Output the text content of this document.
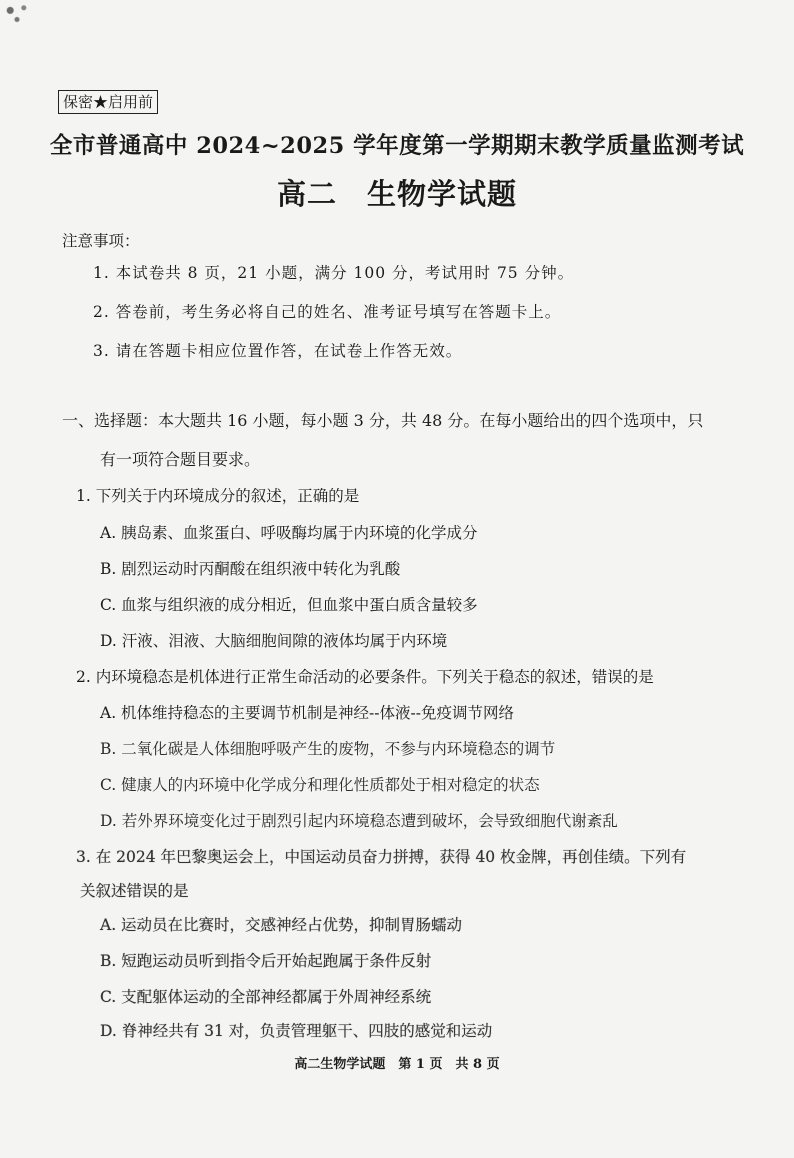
保密★启用前
全市普通高中 2024~2025 学年度第一学期期末教学质量监测考试
高二　生物学试题
注意事项：
1. 本试卷共 8 页，21 小题，满分 100 分，考试用时 75 分钟。
2. 答卷前，考生务必将自己的姓名、准考证号填写在答题卡上。
3. 请在答题卡相应位置作答，在试卷上作答无效。
一、选择题：本大题共 16 小题，每小题 3 分，共 48 分。在每小题给出的四个选项中，只
有一项符合题目要求。
1. 下列关于内环境成分的叙述，正确的是
A. 胰岛素、血浆蛋白、呼吸酶均属于内环境的化学成分
B. 剧烈运动时丙酮酸在组织液中转化为乳酸
C. 血浆与组织液的成分相近，但血浆中蛋白质含量较多
D. 汗液、泪液、大脑细胞间隙的液体均属于内环境
2. 内环境稳态是机体进行正常生命活动的必要条件。下列关于稳态的叙述，错误的是
A. 机体维持稳态的主要调节机制是神经--体液--免疫调节网络
B. 二氧化碳是人体细胞呼吸产生的废物，不参与内环境稳态的调节
C. 健康人的内环境中化学成分和理化性质都处于相对稳定的状态
D. 若外界环境变化过于剧烈引起内环境稳态遭到破坏，会导致细胞代谢紊乱
3. 在 2024 年巴黎奥运会上，中国运动员奋力拼搏，获得 40 枚金牌，再创佳绩。下列有
关叙述错误的是
A. 运动员在比赛时，交感神经占优势，抑制胃肠蠕动
B. 短跑运动员听到指令后开始起跑属于条件反射
C. 支配躯体运动的全部神经都属于外周神经系统
D. 脊神经共有 31 对，负责管理躯干、四肢的感觉和运动
高二生物学试题　第 1 页　共 8 页
